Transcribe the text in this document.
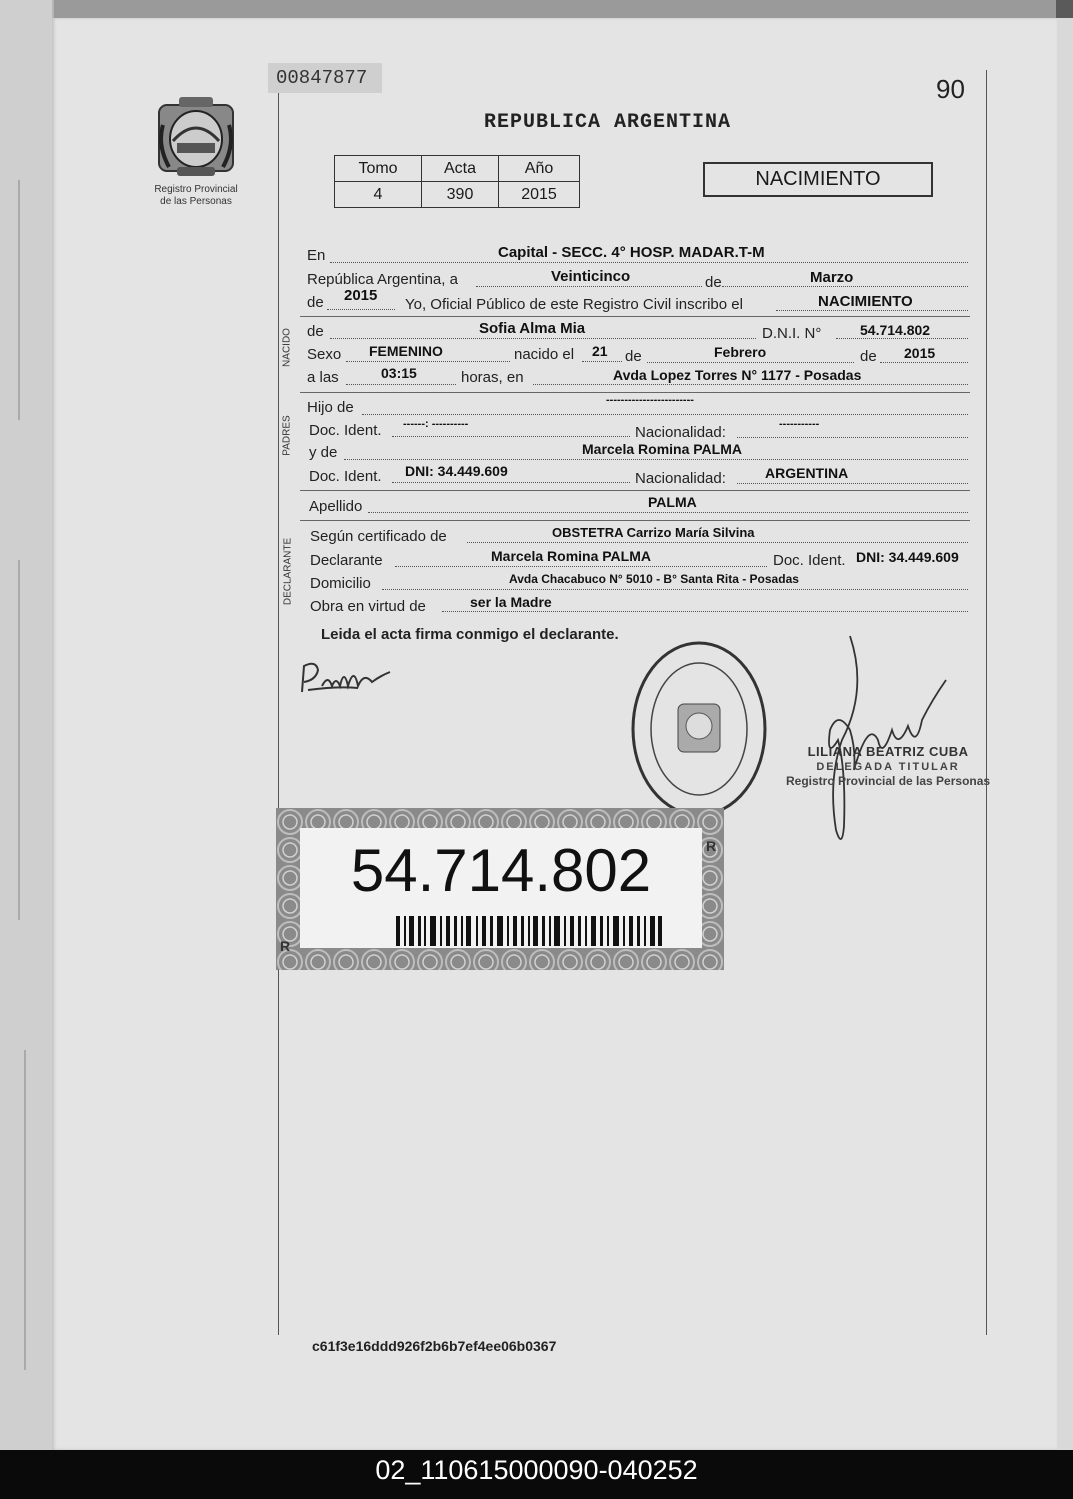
00847877	90
Registro Provincial
de las Personas
REPUBLICA ARGENTINA
Tomo	Acta	Año
4	390	2015
NACIMIENTO
En	Capital - SECC. 4° HOSP. MADAR.T-M
República Argentina, a	Veinticinco	de	Marzo
de 2015
Yo, Oficial Público de este Registro Civil inscribo el	NACIMIENTO
NACIDO de	Sofia Alma Mia	D.N.I. N°	54.714.802
Sexo FEMENINO	nacido el 21 de	Febrero	de 2015
a las	03:15	horas, en	Avda Lopez Torres N° 1177 - Posadas
PADRES
Hijo de	------------------------
Doc. Ident. ------: ----------	Nacionalidad:	-----------
y de	Marcela Romina PALMA
Doc. Ident. DNI: 34.449.609	Nacionalidad:	ARGENTINA
Apellido	PALMA
DECLARANTE
Según certificado de	OBSTETRA Carrizo María Silvina
Declarante	Marcela Romina PALMA	Doc. Ident. DNI: 34.449.609
Domicilio	Avda Chacabuco N° 5010 - B° Santa Rita - Posadas
Obra en virtud de	ser la Madre
Leida el acta firma conmigo el declarante.
LILIANA BEATRIZ CUBA
DELEGADA TITULAR
Registro Provincial de las Personas
54.714.802
R
R
c61f3e16ddd926f2b6b7ef4ee06b0367
02_110615000090-040252
